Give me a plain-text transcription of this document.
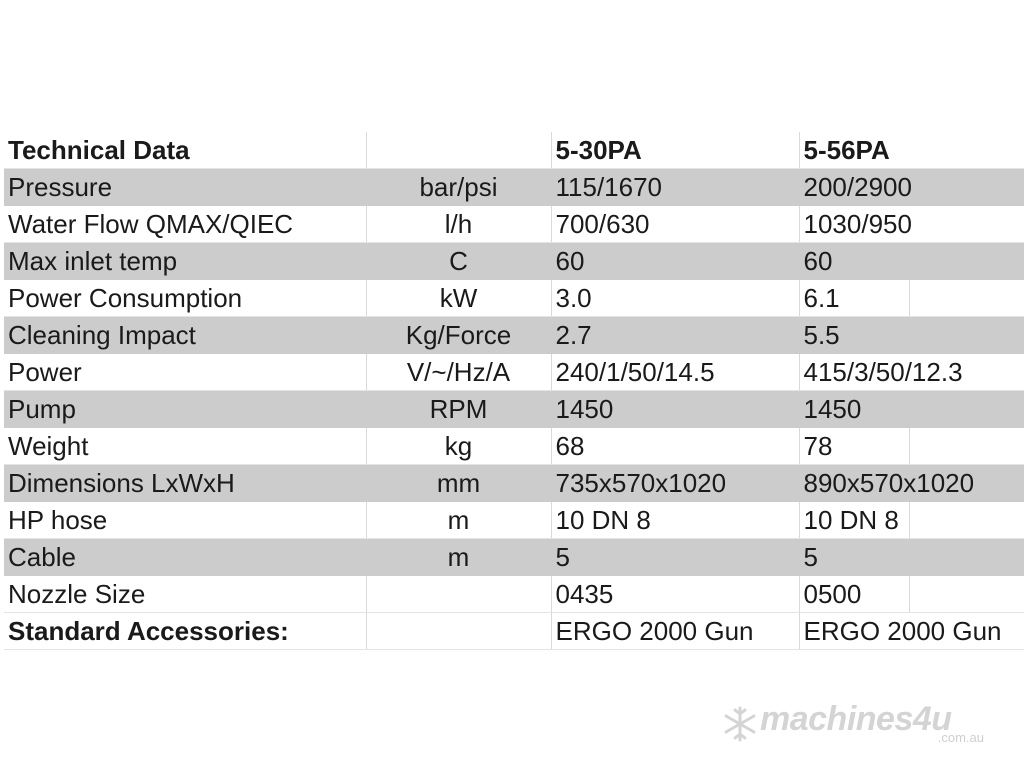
Technical Data		5-30PA	5-56PA	
Pressure	bar/psi	115/1670	200/2900	
Water Flow QMAX/QIEC	l/h	700/630	1030/950	
Max inlet temp	C	60	60	
Power Consumption	kW	3.0	6.1	
Cleaning Impact	Kg/Force	2.7	5.5	
Power	V/~/Hz/A	240/1/50/14.5	415/3/50/12.3	
Pump	RPM	1450	1450	
Weight	kg	68	78	
Dimensions LxWxH	mm	735x570x1020	890x570x1020	
HP hose	m	10 DN 8	10 DN 8	
Cable	m	5	5	
Nozzle Size		0435	0500	
Standard Accessories:		ERGO 2000 Gun	ERGO 2000 Gun	
machines4u
.com.au
